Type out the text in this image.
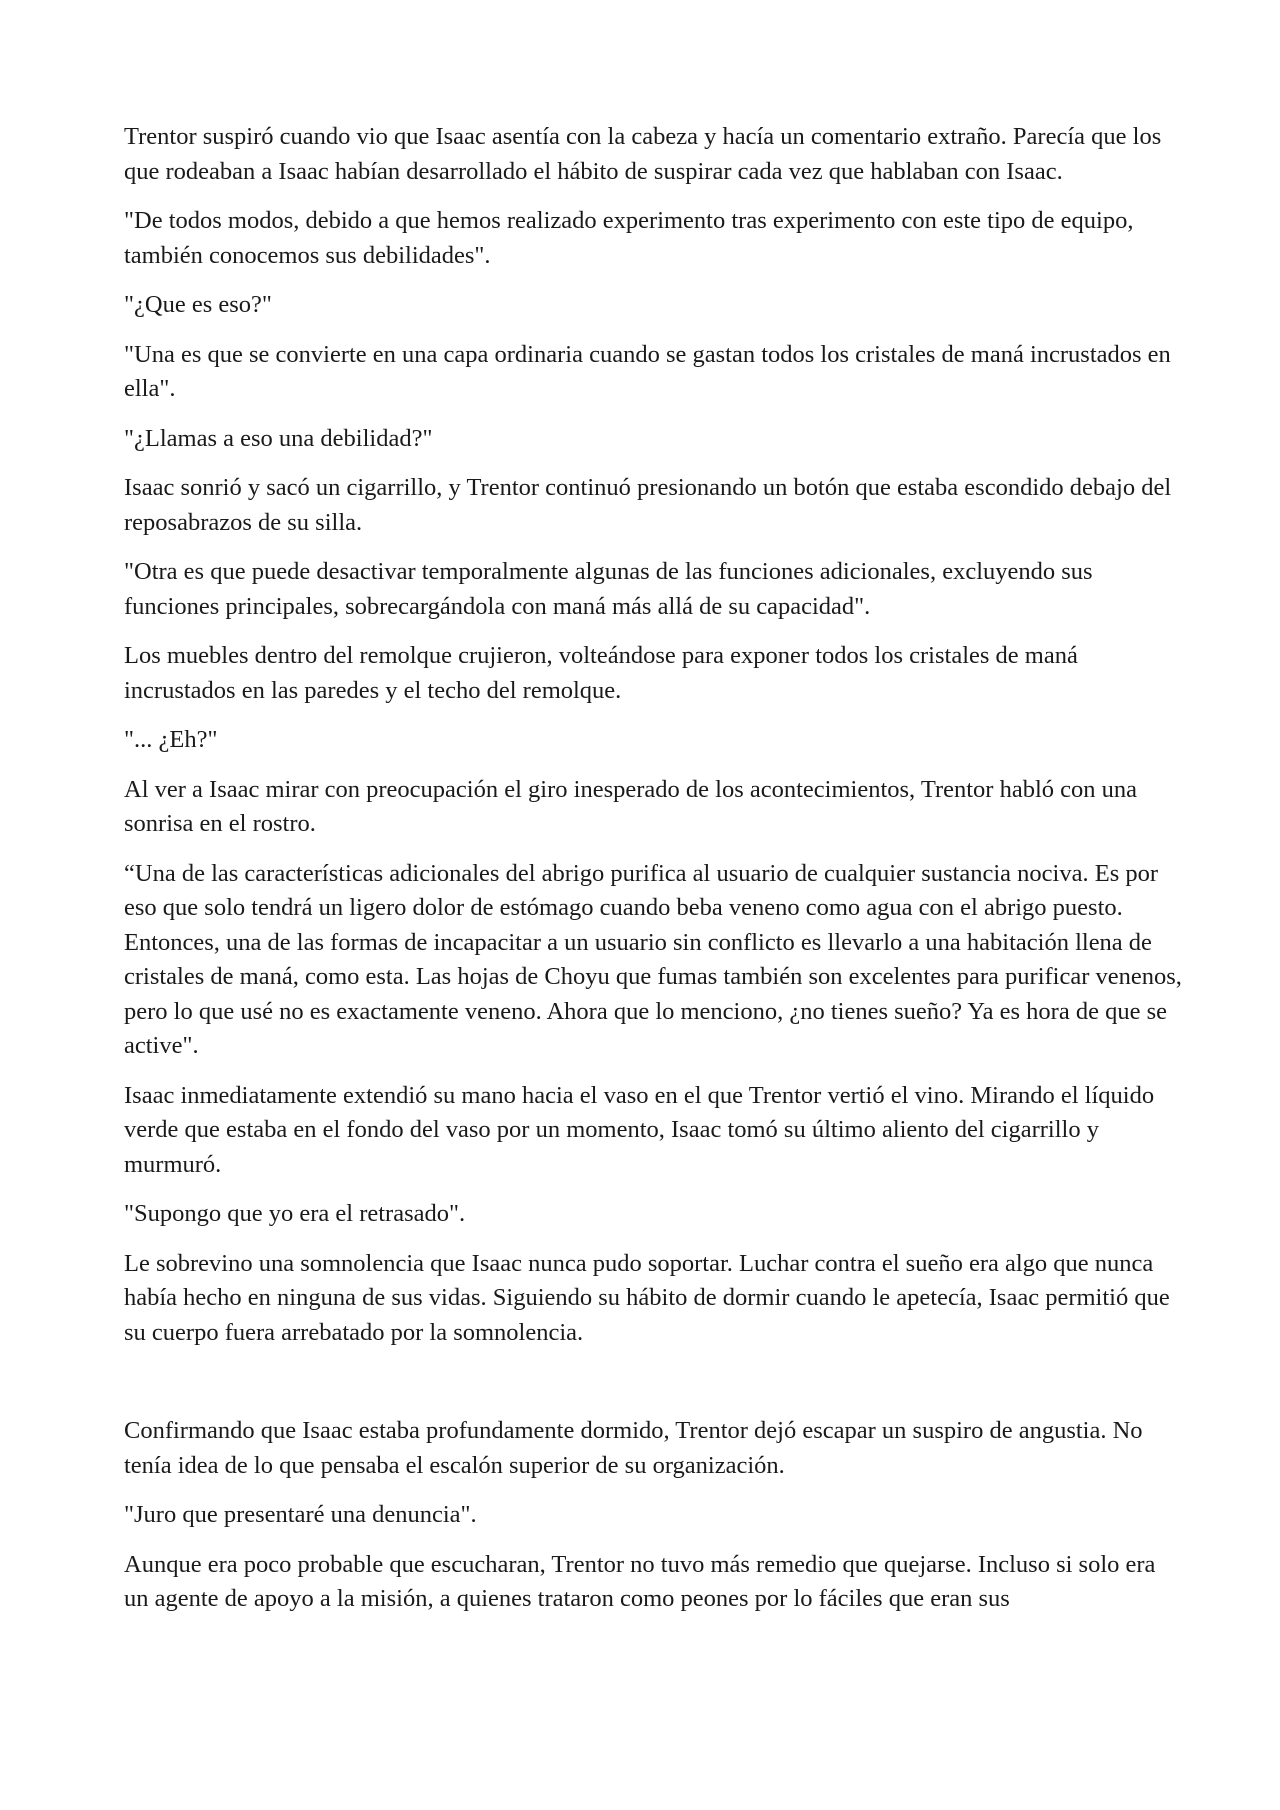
Trentor suspiró cuando vio que Isaac asentía con la cabeza y hacía un comentario extraño. Parecía que los que rodeaban a Isaac habían desarrollado el hábito de suspirar cada vez que hablaban con Isaac.

"De todos modos, debido a que hemos realizado experimento tras experimento con este tipo de equipo, también conocemos sus debilidades".

"¿Que es eso?"

"Una es que se convierte en una capa ordinaria cuando se gastan todos los cristales de maná incrustados en ella".

"¿Llamas a eso una debilidad?"

Isaac sonrió y sacó un cigarrillo, y Trentor continuó presionando un botón que estaba escondido debajo del reposabrazos de su silla.

"Otra es que puede desactivar temporalmente algunas de las funciones adicionales, excluyendo sus funciones principales, sobrecargándola con maná más allá de su capacidad".

Los muebles dentro del remolque crujieron, volteándose para exponer todos los cristales de maná incrustados en las paredes y el techo del remolque.

"... ¿Eh?"

Al ver a Isaac mirar con preocupación el giro inesperado de los acontecimientos, Trentor habló con una sonrisa en el rostro.

“Una de las características adicionales del abrigo purifica al usuario de cualquier sustancia nociva. Es por eso que solo tendrá un ligero dolor de estómago cuando beba veneno como agua con el abrigo puesto. Entonces, una de las formas de incapacitar a un usuario sin conflicto es llevarlo a una habitación llena de cristales de maná, como esta. Las hojas de Choyu que fumas también son excelentes para purificar venenos, pero lo que usé no es exactamente veneno. Ahora que lo menciono, ¿no tienes sueño? Ya es hora de que se active".

Isaac inmediatamente extendió su mano hacia el vaso en el que Trentor vertió el vino. Mirando el líquido verde que estaba en el fondo del vaso por un momento, Isaac tomó su último aliento del cigarrillo y murmuró.

"Supongo que yo era el retrasado".

Le sobrevino una somnolencia que Isaac nunca pudo soportar. Luchar contra el sueño era algo que nunca había hecho en ninguna de sus vidas. Siguiendo su hábito de dormir cuando le apetecía, Isaac permitió que su cuerpo fuera arrebatado por la somnolencia.

Confirmando que Isaac estaba profundamente dormido, Trentor dejó escapar un suspiro de angustia. No tenía idea de lo que pensaba el escalón superior de su organización.

"Juro que presentaré una denuncia".

Aunque era poco probable que escucharan, Trentor no tuvo más remedio que quejarse. Incluso si solo era un agente de apoyo a la misión, a quienes trataron como peones por lo fáciles que eran sus
